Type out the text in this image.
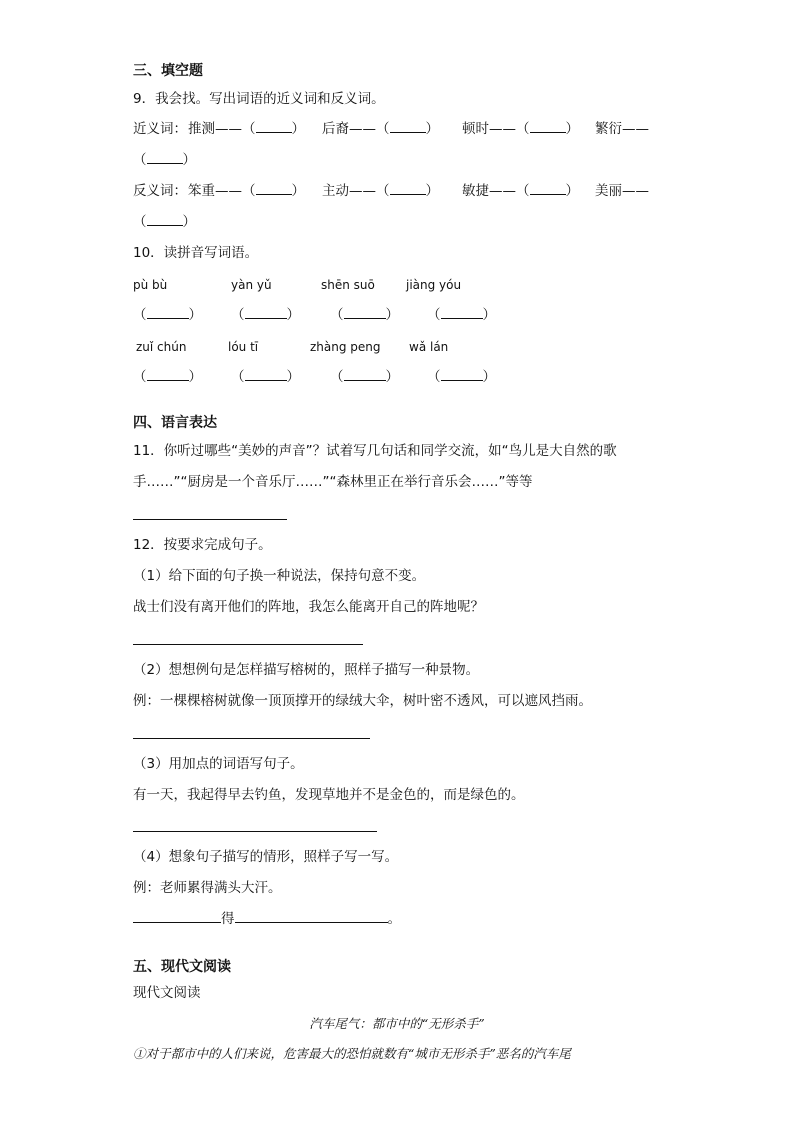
三、填空题
9．我会找。写出词语的近义词和反义词。
近义词： 推测——（	） 后裔——（	） 顿时——（	） 繁衍——
（	）
反义词： 笨重——（	） 主动——（	） 敏捷——（	） 美丽——
（	）
10．读拼音写词语。
pù bù	yàn yǔ	shēn suō	jiàng yóu
（	） （	） （	） （	）
zuǐ chún	lóu tī	zhàng peng wǎ lán
（	） （	） （	） （	）
四、语言表达
11．你听过哪些“美妙的声音”？试着写几句话和同学交流，如“鸟儿是大自然的歌
手……”“厨房是一个音乐厅……”“森林里正在举行音乐会……”等等
12．按要求完成句子。
（1）给下面的句子换一种说法，保持句意不变。
战士们没有离开他们的阵地，我怎么能离开自己的阵地呢？
（2）想想例句是怎样描写榕树的，照样子描写一种景物。
例：一棵棵榕树就像一顶顶撑开的绿绒大伞，树叶密不透风，可以遮风挡雨。
（3）用加点的词语写句子。
有一天，我起得早去钓鱼，发现草地并不是金色的，而是绿色的。
（4）想象句子描写的情形，照样子写一写。
例：老师累得满头大汗。
得	。
五、现代文阅读
现代文阅读
汽车尾气：都市中的“无形杀手”
①对于都市中的人们来说，危害最大的恐怕就数有“城市无形杀手”恶名的汽车尾
